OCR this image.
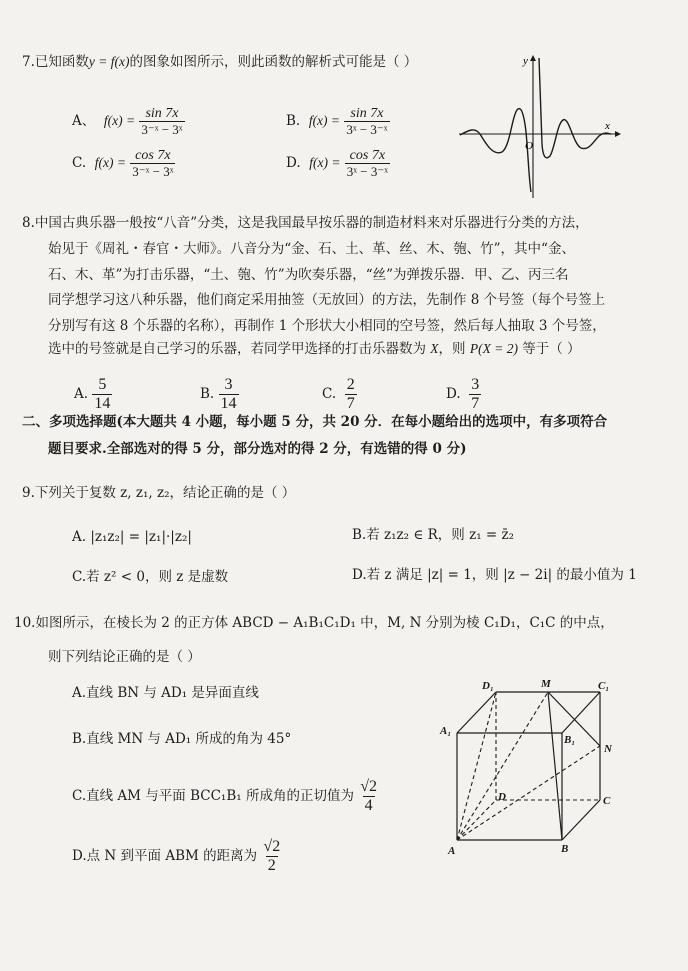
7.已知函数y = f(x)的图象如图所示，则此函数的解析式可能是（ ）
A、 $f(x) = \frac{\sin 7x}{\text{3⁻ˣ − 3ˣ}}$	B. $f(x) = \frac{\sin 7x}{\text{3ˣ − 3⁻ˣ}}$
C. $f(x) = \frac{\cos 7x}{\text{3⁻ˣ − 3ˣ}}$	D. $f(x) = \frac{\cos 7x}{\text{3ˣ − 3⁻ˣ}}$
x
y
O
8.中国古典乐器一般按“八音”分类，这是我国最早按乐器的制造材料来对乐器进行分类的方法，
始见于《周礼・春官・大师》。八音分为“金、石、土、革、丝、木、匏、竹”，其中“金、
石、木、革”为打击乐器，“土、匏、竹”为吹奏乐器，“丝”为弹拨乐器．甲、乙、丙三名
同学想学习这八种乐器，他们商定采用抽签（无放回）的方法，先制作 8 个号签（每个号签上
分别写有这 8 个乐器的名称），再制作 1 个形状大小相同的空号签，然后每人抽取 3 个号签，
选中的号签就是自己学习的乐器，若同学甲选择的打击乐器数为 X，则 P(X = 2) 等于（ ）
A. $\frac{5}{14}$	B. $\frac{3}{14}$	C. $\frac{2}{7}$	D. $\frac{3}{7}$
二、多项选择题(本大题共 4 小题，每小题 5 分，共 20 分．在每小题给出的选项中，有多项符合
题目要求.全部选对的得 5 分，部分选对的得 2 分，有选错的得 0 分)
9.下列关于复数 z, z₁, z₂，结论正确的是（ ）
A. |z₁z₂| = |z₁|·|z₂|	B.若 z₁z₂ ∈ R，则 z₁ = z̄₂
C.若 z² < 0，则 z 是虚数	D.若 z 满足 |z| = 1，则 |z − 2i| 的最小值为 1
10.如图所示，在棱长为 2 的正方体 ABCD − A₁B₁C₁D₁ 中，M, N 分别为棱 C₁D₁，C₁C 的中点，
则下列结论正确的是（ ）
A.直线 BN 与 AD₁ 是异面直线
B.直线 MN 与 AD₁ 所成的角为 45°
C.直线 AM 与平面 BCC₁B₁ 所成角的正切值为 $\frac{√2}{4}$
D.点 N 到平面 ABM 的距离为 $\frac{√2}{2}$
D₁	M	C₁
A₁
B₁
N
D	C
A	B
